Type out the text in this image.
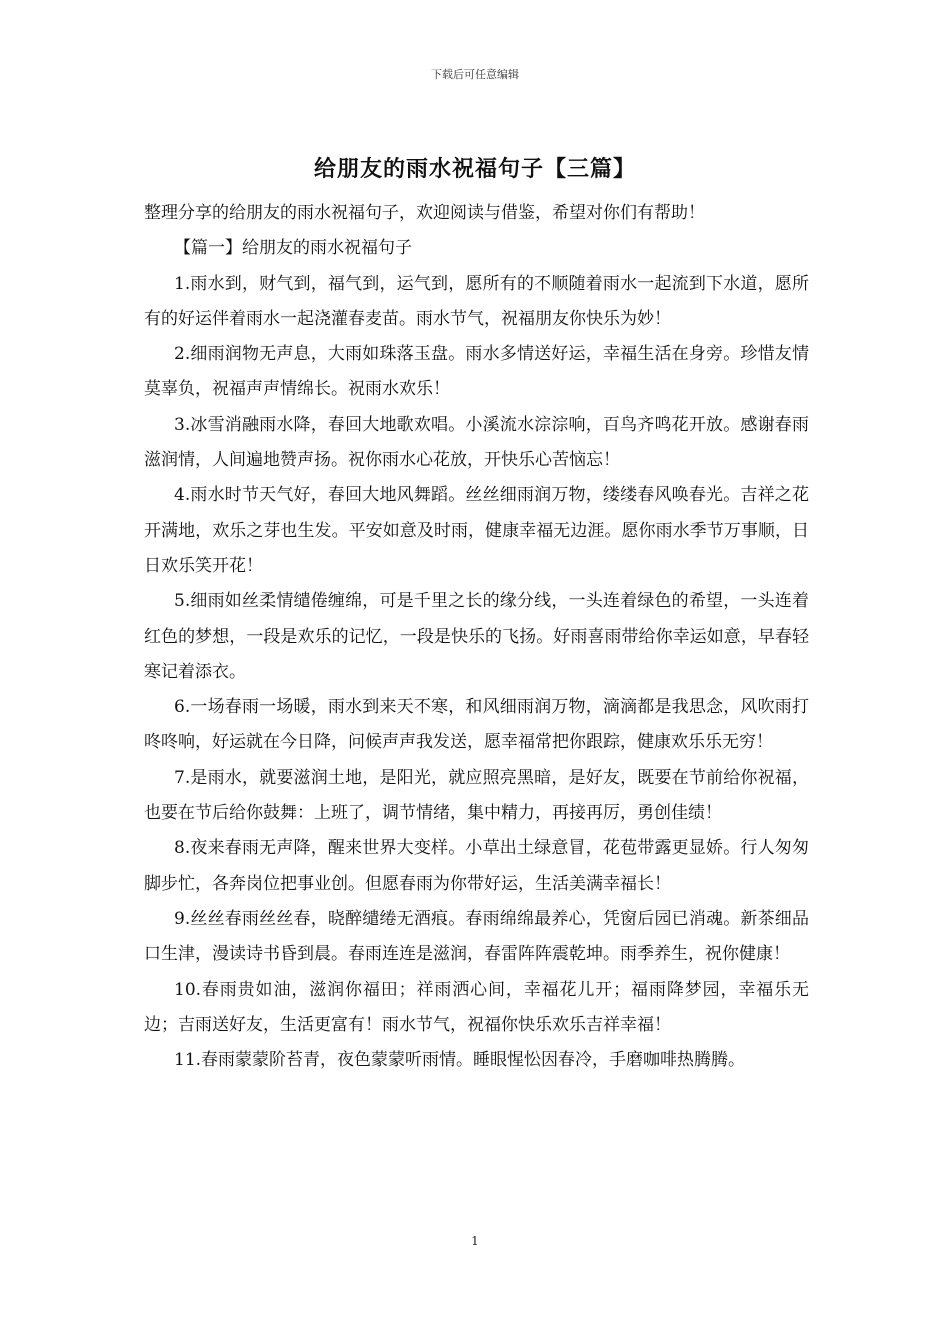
下载后可任意编辑
给朋友的雨水祝福句子【三篇】

整理分享的给朋友的雨水祝福句子，欢迎阅读与借鉴，希望对你们有帮助！

【篇一】给朋友的雨水祝福句子

1.雨水到，财气到，福气到，运气到，愿所有的不顺随着雨水一起流到下水道，愿所有的好运伴着雨水一起浇灌春麦苗。雨水节气，祝福朋友你快乐为妙！

2.细雨润物无声息，大雨如珠落玉盘。雨水多情送好运，幸福生活在身旁。珍惜友情莫辜负，祝福声声情绵长。祝雨水欢乐！

3.冰雪消融雨水降，春回大地歌欢唱。小溪流水淙淙响，百鸟齐鸣花开放。感谢春雨滋润情，人间遍地赞声扬。祝你雨水心花放，开快乐心苦恼忘！

4.雨水时节天气好，春回大地风舞蹈。丝丝细雨润万物，缕缕春风唤春光。吉祥之花开满地，欢乐之芽也生发。平安如意及时雨，健康幸福无边涯。愿你雨水季节万事顺，日日欢乐笑开花！

5.细雨如丝柔情缱倦缠绵，可是千里之长的缘分线，一头连着绿色的希望，一头连着红色的梦想，一段是欢乐的记忆，一段是快乐的飞扬。好雨喜雨带给你幸运如意，早春轻寒记着添衣。

6.一场春雨一场暖，雨水到来天不寒，和风细雨润万物，滴滴都是我思念，风吹雨打咚咚响，好运就在今日降，问候声声我发送，愿幸福常把你跟踪，健康欢乐乐无穷！

7.是雨水，就要滋润土地，是阳光，就应照亮黑暗，是好友，既要在节前给你祝福，也要在节后给你鼓舞：上班了，调节情绪，集中精力，再接再厉，勇创佳绩！

8.夜来春雨无声降，醒来世界大变样。小草出土绿意冒，花苞带露更显娇。行人匆匆脚步忙，各奔岗位把事业创。但愿春雨为你带好运，生活美满幸福长！

9.丝丝春雨丝丝春，晓醉缱绻无酒痕。春雨绵绵最养心，凭窗后园已消魂。新茶细品口生津，漫读诗书昏到晨。春雨连连是滋润，春雷阵阵震乾坤。雨季养生，祝你健康！

10.春雨贵如油，滋润你福田；祥雨洒心间，幸福花儿开；福雨降梦园，幸福乐无边；吉雨送好友，生活更富有！雨水节气，祝福你快乐欢乐吉祥幸福！

11.春雨蒙蒙阶苔青，夜色蒙蒙听雨情。睡眼惺忪因春冷，手磨咖啡热腾腾。

1
